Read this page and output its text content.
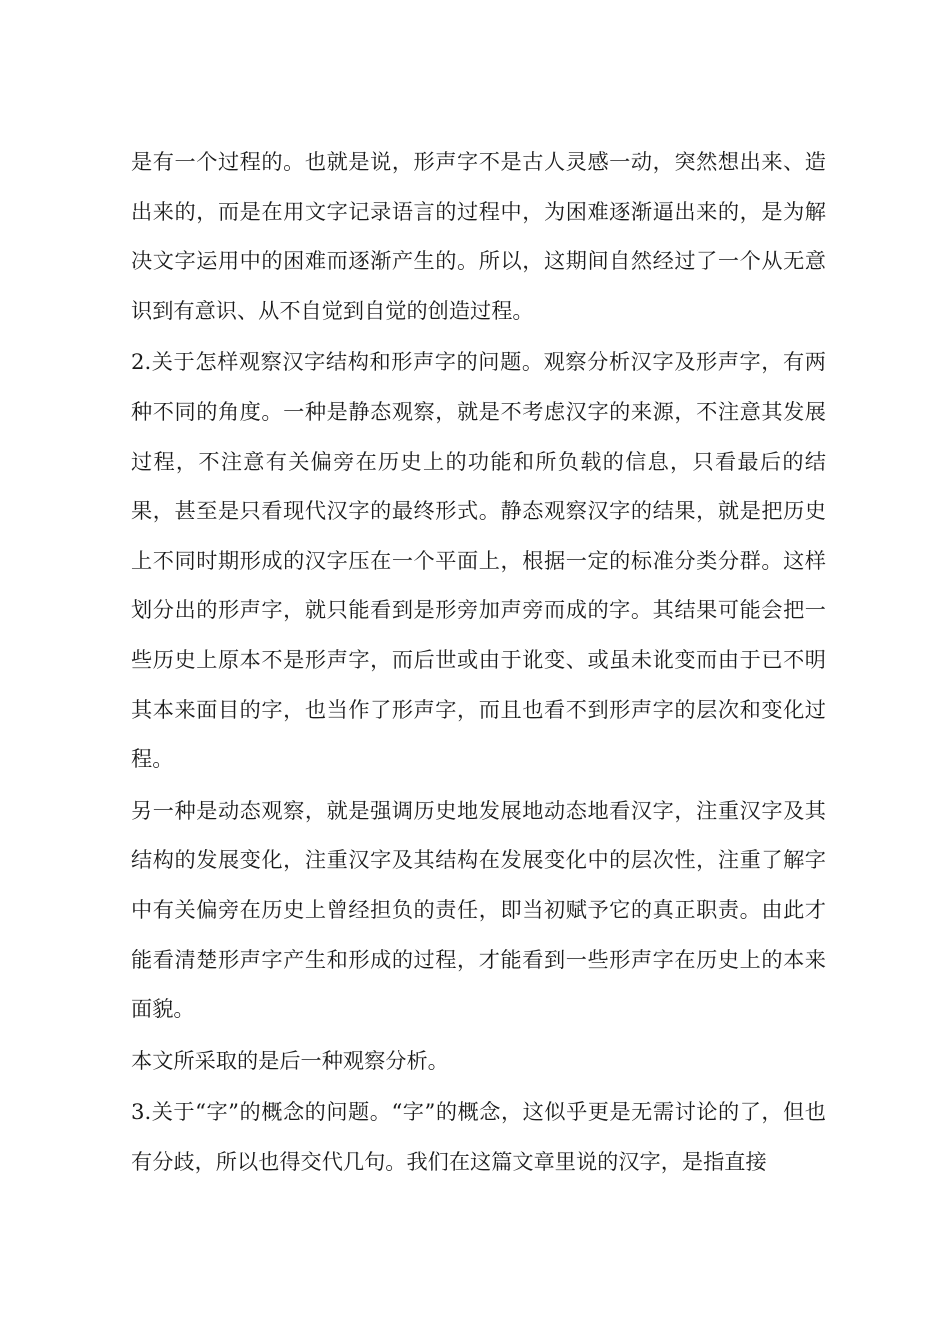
是有一个过程的。也就是说，形声字不是古人灵感一动，突然想出来、造出来的，而是在用文字记录语言的过程中，为困难逐渐逼出来的，是为解决文字运用中的困难而逐渐产生的。所以，这期间自然经过了一个从无意识到有意识、从不自觉到自觉的创造过程。

2.关于怎样观察汉字结构和形声字的问题。观察分析汉字及形声字，有两种不同的角度。一种是静态观察，就是不考虑汉字的来源，不注意其发展过程，不注意有关偏旁在历史上的功能和所负载的信息，只看最后的结果，甚至是只看现代汉字的最终形式。静态观察汉字的结果，就是把历史上不同时期形成的汉字压在一个平面上，根据一定的标准分类分群。这样划分出的形声字，就只能看到是形旁加声旁而成的字。其结果可能会把一些历史上原本不是形声字，而后世或由于讹变、或虽未讹变而由于已不明其本来面目的字，也当作了形声字，而且也看不到形声字的层次和变化过程。

另一种是动态观察，就是强调历史地发展地动态地看汉字，注重汉字及其结构的发展变化，注重汉字及其结构在发展变化中的层次性，注重了解字中有关偏旁在历史上曾经担负的责任，即当初赋予它的真正职责。由此才能看清楚形声字产生和形成的过程，才能看到一些形声字在历史上的本来面貌。

本文所采取的是后一种观察分析。

3.关于“字”的概念的问题。“字”的概念，这似乎更是无需讨论的了，但也有分歧，所以也得交代几句。我们在这篇文章里说的汉字，是指直接
